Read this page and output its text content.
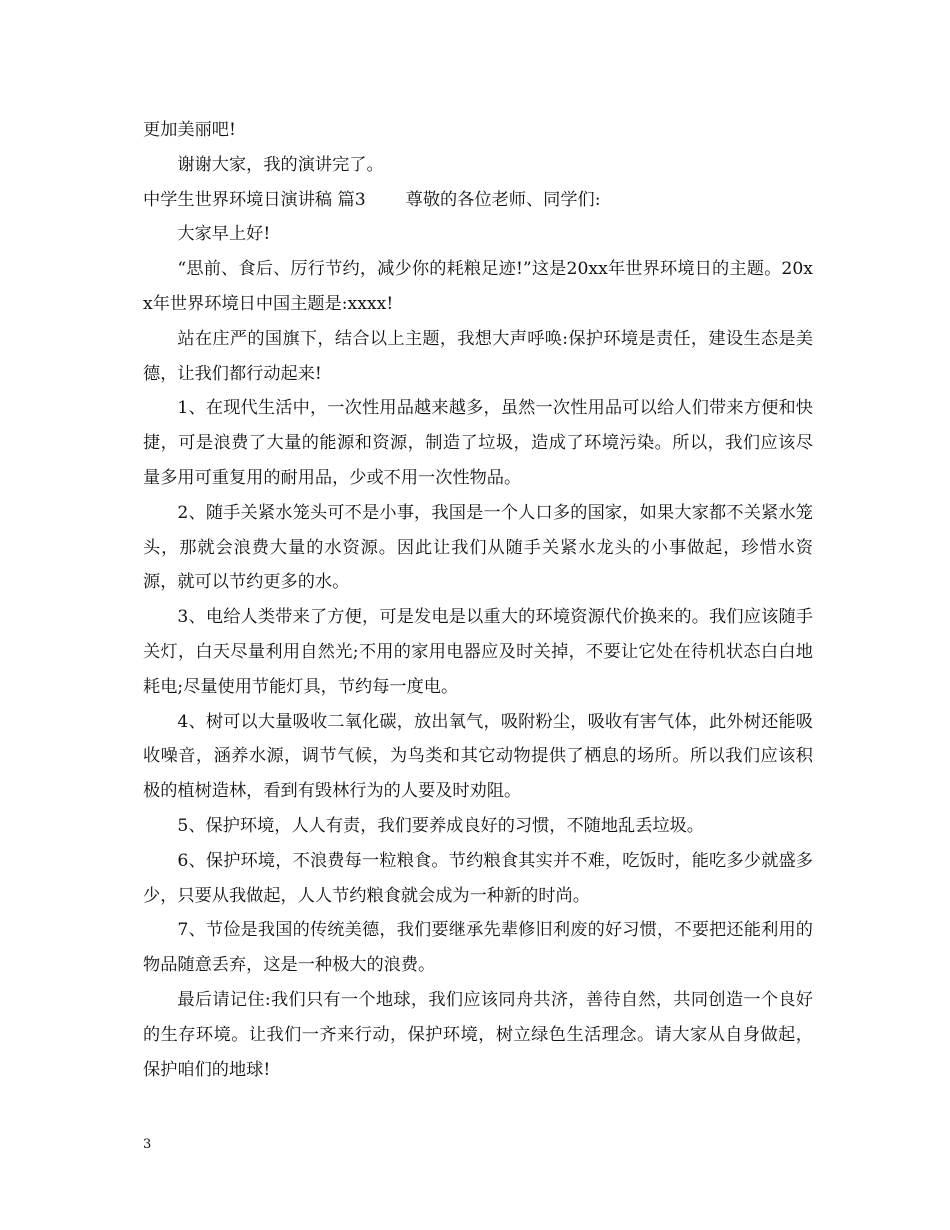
更加美丽吧!

谢谢大家，我的演讲完了。

中学生世界环境日演讲稿 篇3 尊敬的各位老师、同学们:

大家早上好!

“思前、食后、厉行节约，减少你的耗粮足迹!”这是20xx年世界环境日的主题。20xx年世界环境日中国主题是:xxxx!

站在庄严的国旗下，结合以上主题，我想大声呼唤:保护环境是责任，建设生态是美德，让我们都行动起来!

1、在现代生活中，一次性用品越来越多，虽然一次性用品可以给人们带来方便和快捷，可是浪费了大量的能源和资源，制造了垃圾，造成了环境污染。所以，我们应该尽量多用可重复用的耐用品，少或不用一次性物品。

2、随手关紧水笼头可不是小事，我国是一个人口多的国家，如果大家都不关紧水笼头，那就会浪费大量的水资源。因此让我们从随手关紧水龙头的小事做起，珍惜水资源，就可以节约更多的水。

3、电给人类带来了方便，可是发电是以重大的环境资源代价换来的。我们应该随手关灯，白天尽量利用自然光;不用的家用电器应及时关掉，不要让它处在待机状态白白地耗电;尽量使用节能灯具，节约每一度电。

4、树可以大量吸收二氧化碳，放出氧气，吸附粉尘，吸收有害气体，此外树还能吸收噪音，涵养水源，调节气候，为鸟类和其它动物提供了栖息的场所。所以我们应该积极的植树造林，看到有毁林行为的人要及时劝阻。

5、保护环境，人人有责，我们要养成良好的习惯，不随地乱丢垃圾。

6、保护环境，不浪费每一粒粮食。节约粮食其实并不难，吃饭时，能吃多少就盛多少，只要从我做起，人人节约粮食就会成为一种新的时尚。

7、节俭是我国的传统美德，我们要继承先辈修旧利废的好习惯，不要把还能利用的物品随意丢弃，这是一种极大的浪费。

最后请记住:我们只有一个地球，我们应该同舟共济，善待自然，共同创造一个良好的生存环境。让我们一齐来行动，保护环境，树立绿色生活理念。请大家从自身做起，保护咱们的地球!

3
